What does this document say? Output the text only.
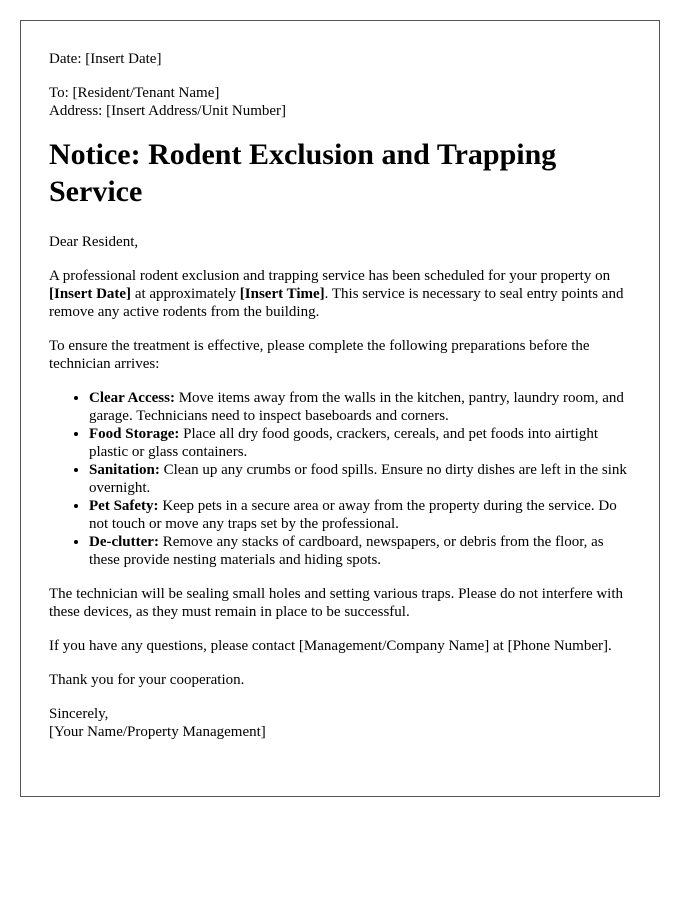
Date: [Insert Date]
To: [Resident/Tenant Name]
Address: [Insert Address/Unit Number]
Notice: Rodent Exclusion and Trapping Service

Dear Resident,

A professional rodent exclusion and trapping service has been scheduled for your property on [Insert Date] at approximately [Insert Time]. This service is necessary to seal entry points and remove any active rodents from the building.

To ensure the treatment is effective, please complete the following preparations before the technician arrives:

• Clear Access: Move items away from the walls in the kitchen, pantry, laundry room, and garage. Technicians need to inspect baseboards and corners.
• Food Storage: Place all dry food goods, crackers, cereals, and pet foods into airtight plastic or glass containers.
• Sanitation: Clean up any crumbs or food spills. Ensure no dirty dishes are left in the sink overnight.
• Pet Safety: Keep pets in a secure area or away from the property during the service. Do not touch or move any traps set by the professional.
• De-clutter: Remove any stacks of cardboard, newspapers, or debris from the floor, as these provide nesting materials and hiding spots.

The technician will be sealing small holes and setting various traps. Please do not interfere with these devices, as they must remain in place to be successful.

If you have any questions, please contact [Management/Company Name] at [Phone Number].

Thank you for your cooperation.

Sincerely,
[Your Name/Property Management]
